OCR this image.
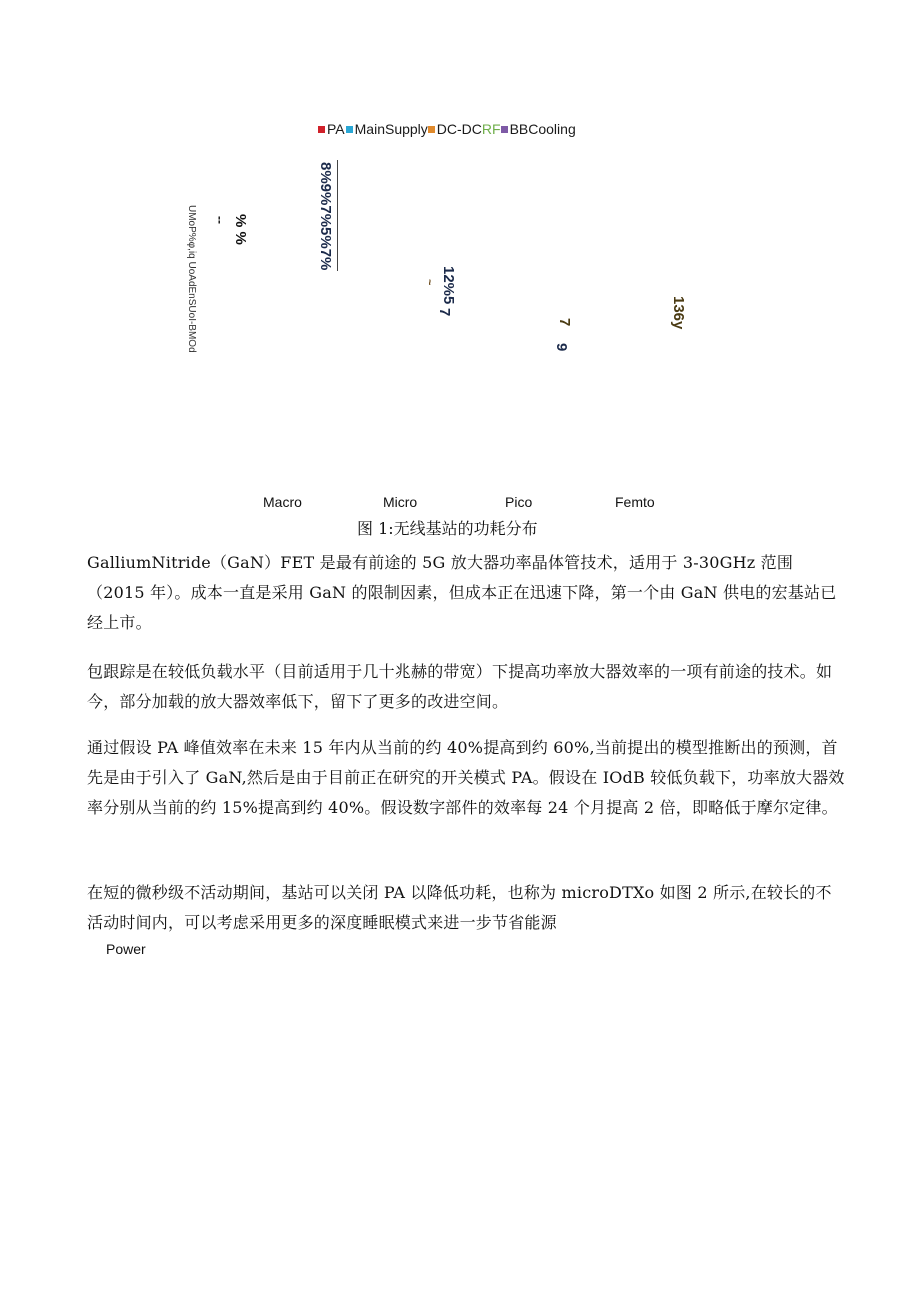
PA MainSupply DC-DCRF BBCooling
UMoP%φ,iq UoAdEnSUoI-BMOd % %
--	8%9%7%5%7%
12%5
~
7
7
9
136y
Macro	Micro	Pico	Femto
图 1:无线基站的功耗分布
GalliumNitride（GaN）FET 是最有前途的 5G 放大器功率晶体管技术，适用于 3-30GHz 范围（2015 年）。成本一直是采用 GaN 的限制因素，但成本正在迅速下降，第一个由 GaN 供电的宏基站已经上市。
包跟踪是在较低负载水平（目前适用于几十兆赫的带宽）下提高功率放大器效率的一项有前途的技术。如今，部分加载的放大器效率低下，留下了更多的改进空间。
通过假设 PA 峰值效率在未来 15 年内从当前的约 40%提高到约 60%,当前提出的模型推断出的预测，首先是由于引入了 GaN,然后是由于目前正在研究的开关模式 PA。假设在 IOdB 较低负载下，功率放大器效率分别从当前的约 15%提高到约 40%。假设数字部件的效率每 24 个月提高 2 倍，即略低于摩尔定律。
在短的微秒级不活动期间，基站可以关闭 PA 以降低功耗，也称为 microDTXo 如图 2 所示,在较长的不活动时间内，可以考虑采用更多的深度睡眠模式来进一步节省能源
Power
